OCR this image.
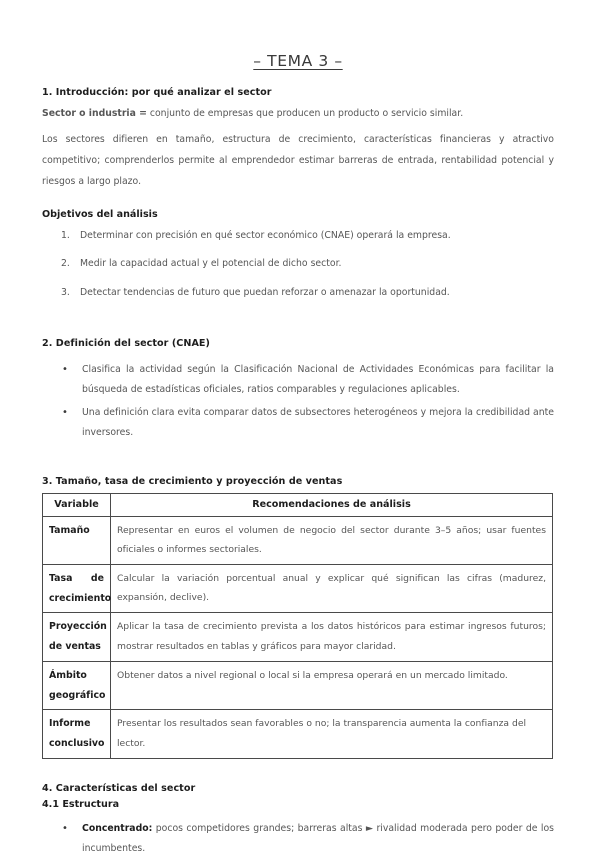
– TEMA 3 –
1. Introducción: por qué analizar el sector

Sector o industria = conjunto de empresas que producen un producto o servicio similar.

Los sectores difieren en tamaño, estructura de crecimiento, características financieras y atractivo competitivo; comprenderlos permite al emprendedor estimar barreras de entrada, rentabilidad potencial y riesgos a largo plazo.

Objetivos del análisis
1. Determinar con precisión en qué sector económico (CNAE) operará la empresa.
2. Medir la capacidad actual y el potencial de dicho sector.
3. Detectar tendencias de futuro que puedan reforzar o amenazar la oportunidad.
2. Definición del sector (CNAE)
• Clasifica la actividad según la Clasificación Nacional de Actividades Económicas para facilitar la búsqueda de estadísticas oficiales, ratios comparables y regulaciones aplicables.
• Una definición clara evita comparar datos de subsectores heterogéneos y mejora la credibilidad ante inversores.
3. Tamaño, tasa de crecimiento y proyección de ventas
Variable	Recomendaciones de análisis
Tamaño	Representar en euros el volumen de negocio del sector durante 3–5 años; usar fuentes oficiales o informes sectoriales.
Tasa de crecimiento	Calcular la variación porcentual anual y explicar qué significan las cifras (madurez, expansión, declive).
Proyección de ventas	Aplicar la tasa de crecimiento prevista a los datos históricos para estimar ingresos futuros; mostrar resultados en tablas y gráficos para mayor claridad.
Ámbito geográfico	Obtener datos a nivel regional o local si la empresa operará en un mercado limitado.
Informe conclusivo	Presentar los resultados sean favorables o no; la transparencia aumenta la confianza del lector.
4. Características del sector
4.1 Estructura
• Concentrado: pocos competidores grandes; barreras altas ► rivalidad moderada pero poder de los incumbentes.
